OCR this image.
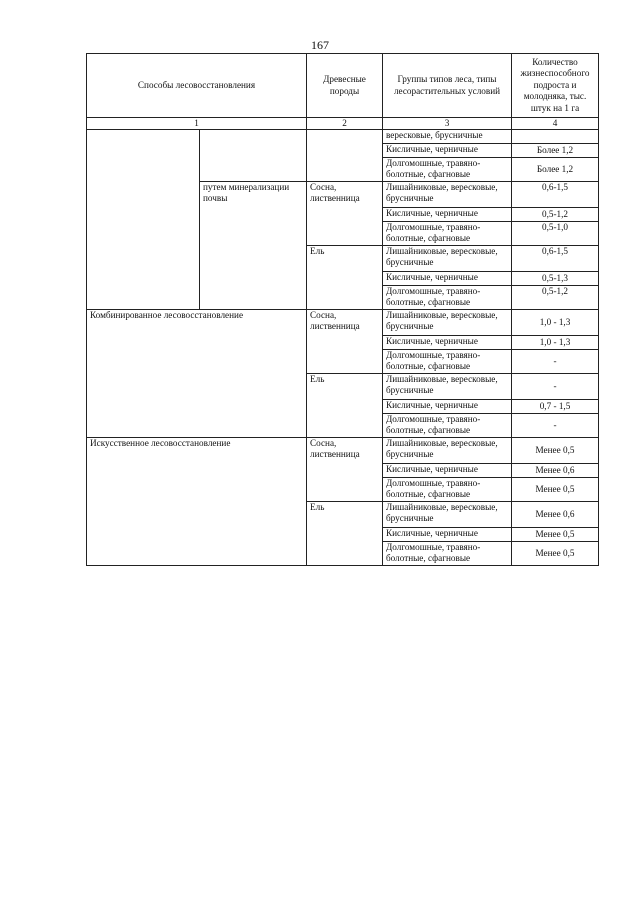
167
Способы лесовосстановления		Древесные породы	Группы типов леса, типы лесорастительных условий	Количество жизнеспособного подроста и молодняка, тыс. штук на 1 га
1		2	3	4
			вересковые, брусничные	
			Кисличные, черничные	Более 1,2
			Долгомошные, травяно-болотные, сфагновые	Более 1,2
	путем минерализации почвы	Сосна, лиственница	Лишайниковые, вересковые, брусничные	0,6-1,5
			Кисличные, черничные	0,5-1,2
			Долгомошные, травяно-болотные, сфагновые	0,5-1,0
		Ель	Лишайниковые, вересковые, брусничные	0,6-1,5
			Кисличные, черничные	0,5-1,3
			Долгомошные, травяно-болотные, сфагновые	0,5-1,2
Комбинированное лесовосстановление	Сосна, лиственница	Лишайниковые, вересковые, брусничные	1,0 - 1,3
		Кисличные, черничные	1,0 - 1,3
		Долгомошные, травяно-болотные, сфагновые	-
	Ель	Лишайниковые, вересковые, брусничные	-
		Кисличные, черничные	0,7 - 1,5
		Долгомошные, травяно-болотные, сфагновые	-
Искусственное лесовосстановление	Сосна, лиственница	Лишайниковые, вересковые, брусничные	Менее 0,5
		Кисличные, черничные	Менее 0,6
		Долгомошные, травяно-болотные, сфагновые	Менее 0,5
	Ель	Лишайниковые, вересковые, брусничные	Менее 0,6
		Кисличные, черничные	Менее 0,5
		Долгомошные, травяно-болотные, сфагновые	Менее 0,5
